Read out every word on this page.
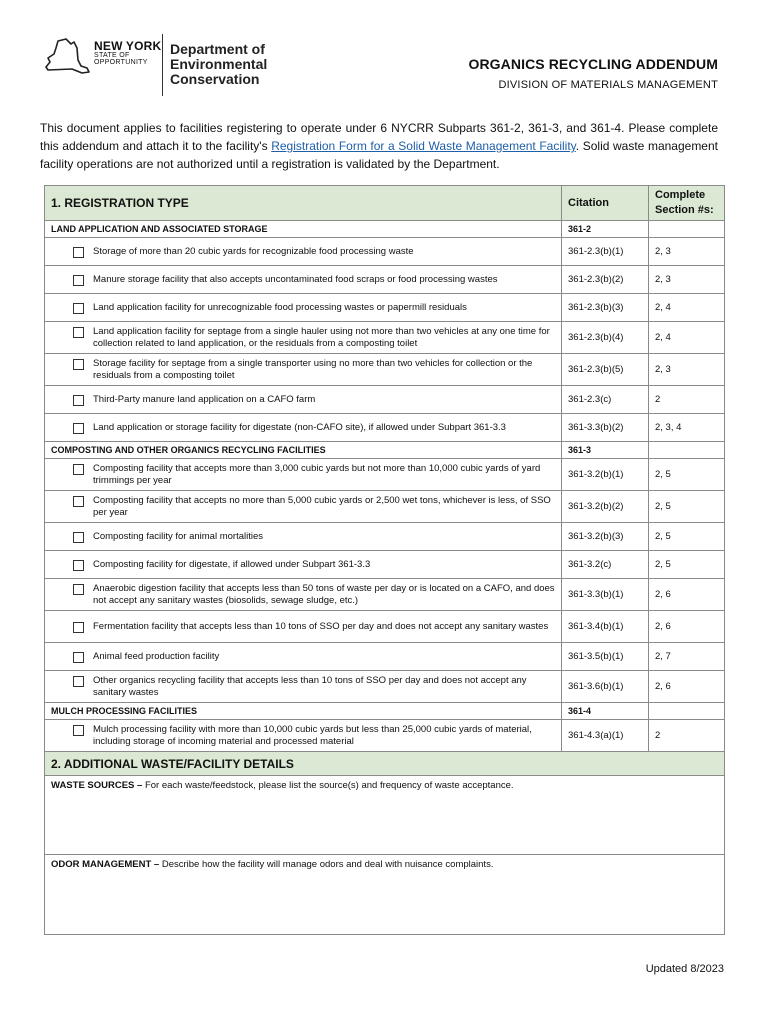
NEW YORK
STATE OF
OPPORTUNITY
Department of
Environmental
Conservation
ORGANICS RECYCLING ADDENDUM
DIVISION OF MATERIALS MANAGEMENT
This document applies to facilities registering to operate under 6 NYCRR Subparts 361-2, 361-3, and 361-4. Please complete this addendum and attach it to the facility's Registration Form for a Solid Waste Management Facility. Solid waste management facility operations are not authorized until a registration is validated by the Department.
1. REGISTRATION TYPE	Citation	Complete Section #s:
LAND APPLICATION AND ASSOCIATED STORAGE	361-2	

Storage of more than 20 cubic yards for recognizable food processing waste	361-2.3(b)(1)	2, 3

Manure storage facility that also accepts uncontaminated food scraps or food processing wastes	361-2.3(b)(2)	2, 3

Land application facility for unrecognizable food processing wastes or papermill residuals	361-2.3(b)(3)	2, 4

Land application facility for septage from a single hauler using not more than two vehicles at any one time for collection related to land application, or the residuals from a composting toilet	361-2.3(b)(4)	2, 4

Storage facility for septage from a single transporter using no more than two vehicles for collection or the residuals from a composting toilet	361-2.3(b)(5)	2, 3

Third-Party manure land application on a CAFO farm	361-2.3(c)	2

Land application or storage facility for digestate (non-CAFO site), if allowed under Subpart 361-3.3	361-3.3(b)(2)	2, 3, 4
COMPOSTING AND OTHER ORGANICS RECYCLING FACILITIES	361-3	

Composting facility that accepts more than 3,000 cubic yards but not more than 10,000 cubic yards of yard trimmings per year	361-3.2(b)(1)	2, 5

Composting facility that accepts no more than 5,000 cubic yards or 2,500 wet tons, whichever is less, of SSO per year	361-3.2(b)(2)	2, 5

Composting facility for animal mortalities	361-3.2(b)(3)	2, 5

Composting facility for digestate, if allowed under Subpart 361-3.3	361-3.2(c)	2, 5

Anaerobic digestion facility that accepts less than 50 tons of waste per day or is located on a CAFO, and does not accept any sanitary wastes (biosolids, sewage sludge, etc.)	361-3.3(b)(1)	2, 6

Fermentation facility that accepts less than 10 tons of SSO per day and does not accept any sanitary wastes	361-3.4(b)(1)	2, 6

Animal feed production facility	361-3.5(b)(1)	2, 7

Other organics recycling facility that accepts less than 10 tons of SSO per day and does not accept any sanitary wastes	361-3.6(b)(1)	2, 6
MULCH PROCESSING FACILITIES	361-4	

Mulch processing facility with more than 10,000 cubic yards but less than 25,000 cubic yards of material, including storage of incoming material and processed material	361-4.3(a)(1)	2
2. ADDITIONAL WASTE/FACILITY DETAILS		
WASTE SOURCES – For each waste/feedstock, please list the source(s) and frequency of waste acceptance.		
ODOR MANAGEMENT – Describe how the facility will manage odors and deal with nuisance complaints.		
Updated 8/2023
